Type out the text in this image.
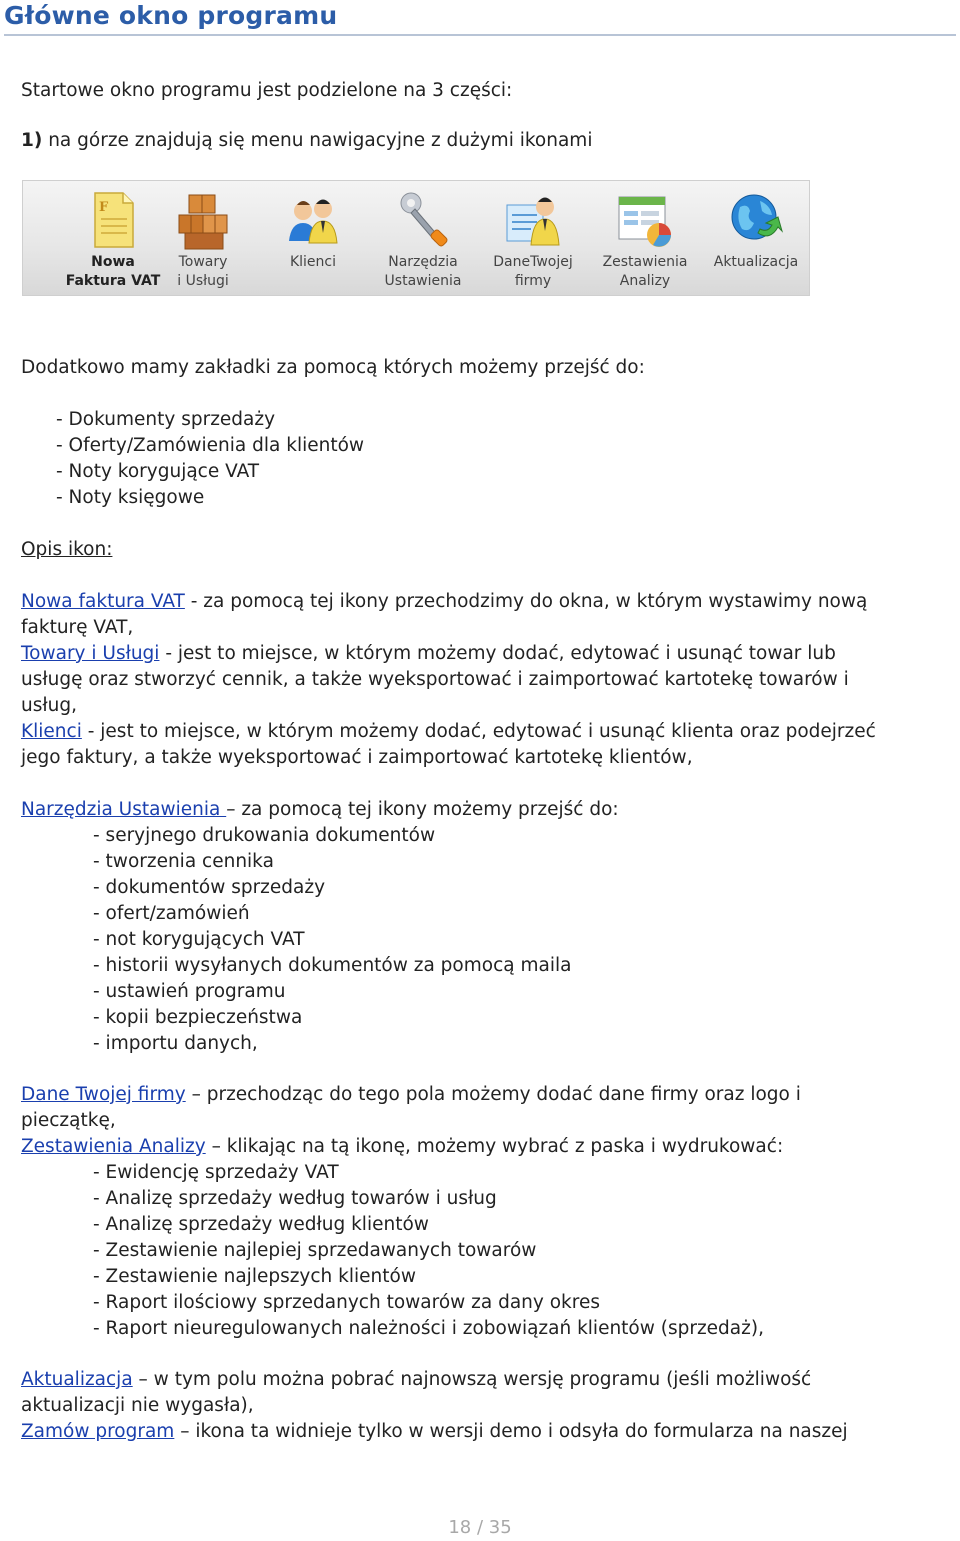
Główne okno programu
Startowe okno programu jest podzielone na 3 części:
1) na górze znajdują się menu nawigacyjne z dużymi ikonami
F
Nowa
Faktura VAT
Towary
i Usługi
Klienci	Narzędzia
Ustawienia
DaneTwojej
firmy
Zestawienia
Analizy
Aktualizacja
Dodatkowo mamy zakładki za pomocą których możemy przejść do:
- Dokumenty sprzedaży
- Oferty/Zamówienia dla klientów
- Noty korygujące VAT
- Noty księgowe
Opis ikon:
Nowa faktura VAT - za pomocą tej ikony przechodzimy do okna, w którym wystawimy nową
fakturę VAT,
Towary i Usługi - jest to miejsce, w którym możemy dodać, edytować i usunąć towar lub
usługę oraz stworzyć cennik, a także wyeksportować i zaimportować kartotekę towarów i
usług,
Klienci - jest to miejsce, w którym możemy dodać, edytować i usunąć klienta oraz podejrzeć
jego faktury, a także wyeksportować i zaimportować kartotekę klientów,
Narzędzia Ustawienia – za pomocą tej ikony możemy przejść do:
- seryjnego drukowania dokumentów
- tworzenia cennika
- dokumentów sprzedaży
- ofert/zamówień
- not korygujących VAT
- historii wysyłanych dokumentów za pomocą maila
- ustawień programu
- kopii bezpieczeństwa
- importu danych,
Dane Twojej firmy – przechodząc do tego pola możemy dodać dane firmy oraz logo i
pieczątkę,
Zestawienia Analizy – klikając na tą ikonę, możemy wybrać z paska i wydrukować:
- Ewidencję sprzedaży VAT
- Analizę sprzedaży według towarów i usług
- Analizę sprzedaży według klientów
- Zestawienie najlepiej sprzedawanych towarów
- Zestawienie najlepszych klientów
- Raport ilościowy sprzedanych towarów za dany okres
- Raport nieuregulowanych należności i zobowiązań klientów (sprzedaż),
Aktualizacja – w tym polu można pobrać najnowszą wersję programu (jeśli możliwość
aktualizacji nie wygasła),
Zamów program – ikona ta widnieje tylko w wersji demo i odsyła do formularza na naszej
18 / 35
